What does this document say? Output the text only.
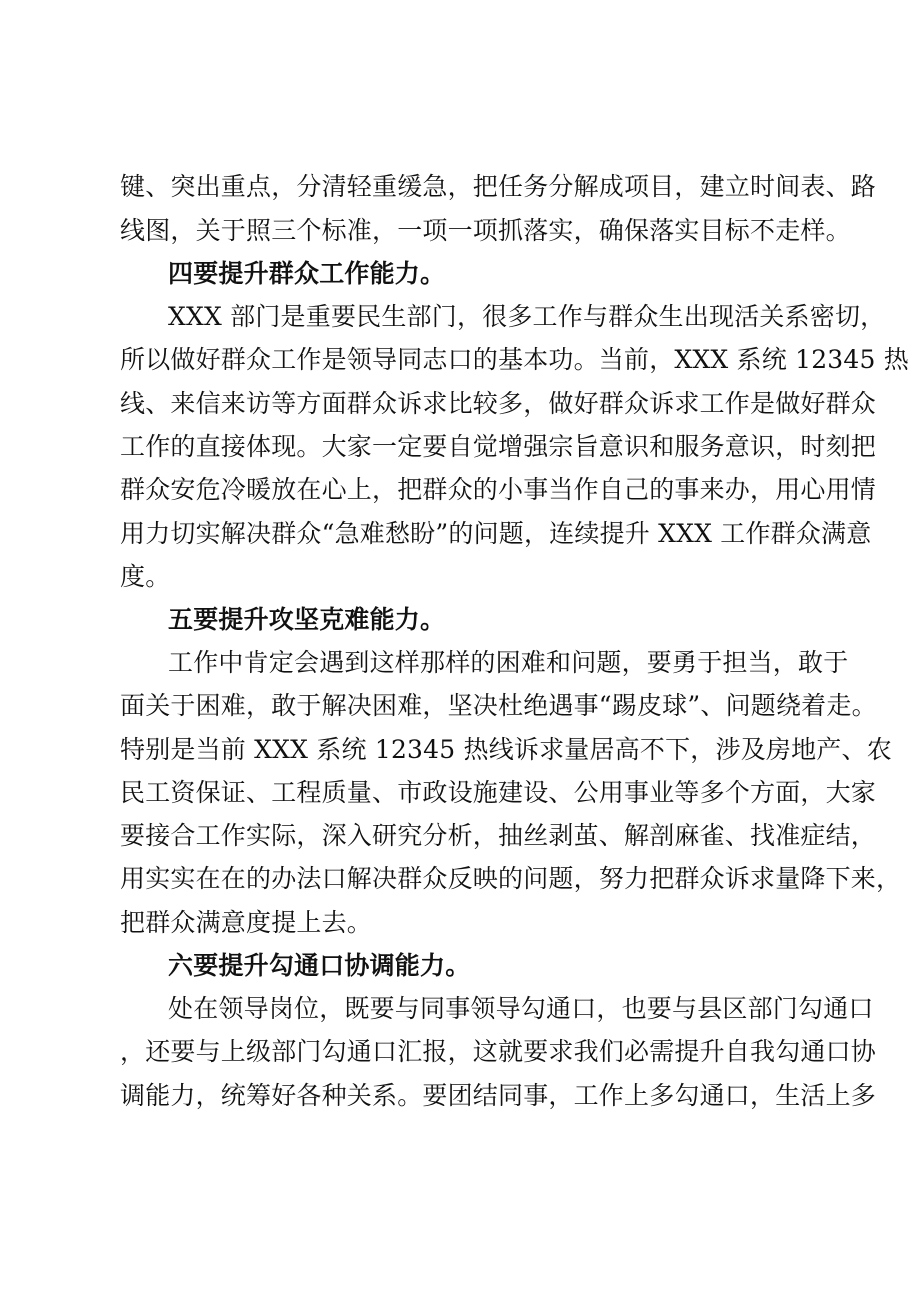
键、突出重点，分清轻重缓急，把任务分解成项目，建立时间表、路
线图，关于照三个标准，一项一项抓落实，确保落实目标不走样。
四要提升群众工作能力。
XXX 部门是重要民生部门，很多工作与群众生出现活关系密切，
所以做好群众工作是领导同志口的基本功。当前，XXX 系统 12345 热
线、来信来访等方面群众诉求比较多，做好群众诉求工作是做好群众
工作的直接体现。大家一定要自觉增强宗旨意识和服务意识，时刻把
群众安危冷暖放在心上，把群众的小事当作自己的事来办，用心用情
用力切实解决群众“急难愁盼”的问题，连续提升 XXX 工作群众满意
度。
五要提升攻坚克难能力。
工作中肯定会遇到这样那样的困难和问题，要勇于担当，敢于
面关于困难，敢于解决困难，坚决杜绝遇事“踢皮球”、问题绕着走。
特别是当前 XXX 系统 12345 热线诉求量居高不下，涉及房地产、农
民工资保证、工程质量、市政设施建设、公用事业等多个方面，大家
要接合工作实际，深入研究分析，抽丝剥茧、解剖麻雀、找准症结，
用实实在在的办法口解决群众反映的问题，努力把群众诉求量降下来，
把群众满意度提上去。
六要提升勾通口协调能力。
处在领导岗位，既要与同事领导勾通口，也要与县区部门勾通口
，还要与上级部门勾通口汇报，这就要求我们必需提升自我勾通口协
调能力，统筹好各种关系。要团结同事，工作上多勾通口，生活上多
